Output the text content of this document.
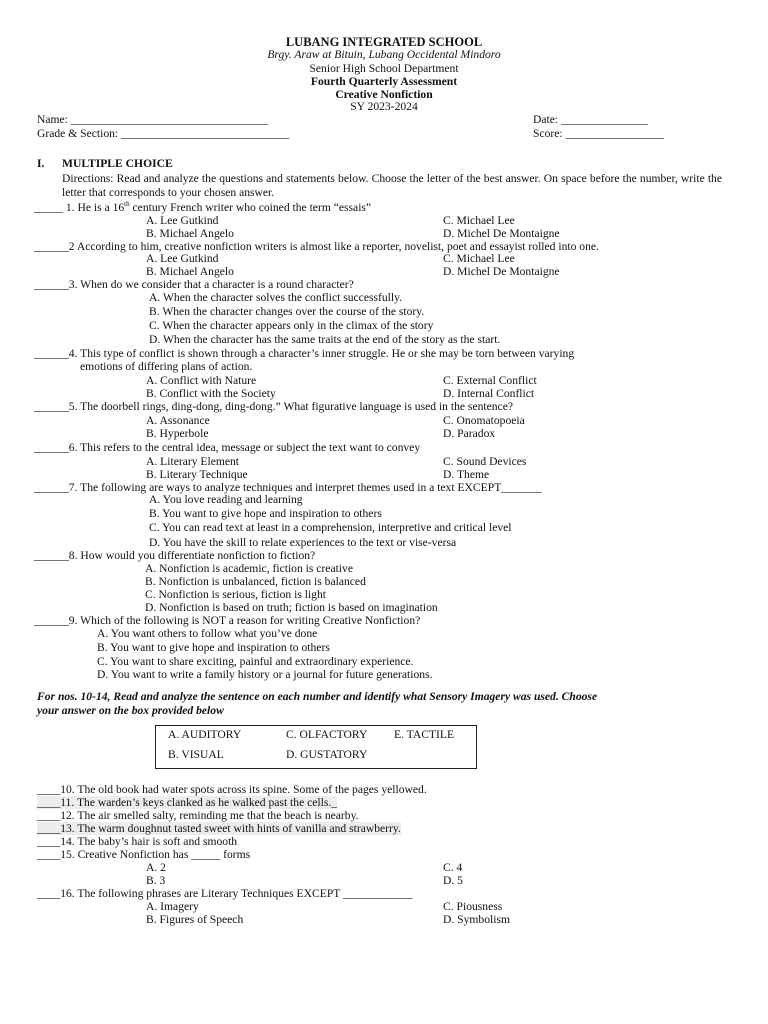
LUBANG INTEGRATED SCHOOL
Brgy. Araw at Bituin, Lubang Occidental Mindoro
Senior High School Department
Fourth Quarterly Assessment
Creative Nonfiction
SY 2023-2024
Name: __________________________________	Date: _______________
Grade & Section: _____________________________	Score: _________________
I. MULTIPLE CHOICE
Directions: Read and analyze the questions and statements below. Choose the letter of the best answer. On space before the number, write the letter that corresponds to your chosen answer.
_____ 1. He is a 16th century French writer who coined the term “essais”
A. Lee Gutkind
B. Michael Angelo
C. Michael Lee
D. Michel De Montaigne
______2 According to him, creative nonfiction writers is almost like a reporter, novelist, poet and essayist rolled into one.
A. Lee Gutkind
B. Michael Angelo
C. Michael Lee
D. Michel De Montaigne
______3. When do we consider that a character is a round character?
A. When the character solves the conflict successfully.
B. When the character changes over the course of the story.
C. When the character appears only in the climax of the story
D. When the character has the same traits at the end of the story as the start.
______4. This type of conflict is shown through a character’s inner struggle. He or she may be torn between varying
emotions of differing plans of action.
A. Conflict with Nature
B. Conflict with the Society
C. External Conflict
D. Internal Conflict
______5. The doorbell rings, ding-dong, ding-dong.” What figurative language is used in the sentence?
A. Assonance
B. Hyperbole
C. Onomatopoeia
D. Paradox
______6. This refers to the central idea, message or subject the text want to convey
A. Literary Element
B. Literary Technique
C. Sound Devices
D. Theme
______7. The following are ways to analyze techniques and interpret themes used in a text EXCEPT_______
A. You love reading and learning
B. You want to give hope and inspiration to others
C. You can read text at least in a comprehension, interpretive and critical level
D. You have the skill to relate experiences to the text or vise-versa
______8. How would you differentiate nonfiction to fiction?
A. Nonfiction is academic, fiction is creative
B. Nonfiction is unbalanced, fiction is balanced
C. Nonfiction is serious, fiction is light
D. Nonfiction is based on truth; fiction is based on imagination
______9. Which of the following is NOT a reason for writing Creative Nonfiction?
A. You want others to follow what you’ve done
B. You want to give hope and inspiration to others
C. You want to share exciting, painful and extraordinary experience.
D. You want to write a family history or a journal for future generations.
For nos. 10-14, Read and analyze the sentence on each number and identify what Sensory Imagery was used. Choose
your answer on the box provided below
A. AUDITORY	C. OLFACTORY E. TACTILE
B. VISUAL	D. GUSTATORY
____10. The old book had water spots across its spine. Some of the pages yellowed.
____11. The warden’s keys clanked as he walked past the cells._
____12. The air smelled salty, reminding me that the beach is nearby.
____13. The warm doughnut tasted sweet with hints of vanilla and strawberry.
____14. The baby’s hair is soft and smooth
____15. Creative Nonfiction has _____ forms
A. 2
B. 3
C. 4
D. 5
____16. The following phrases are Literary Techniques EXCEPT ____________
A. Imagery
B. Figures of Speech
C. Piousness
D. Symbolism
